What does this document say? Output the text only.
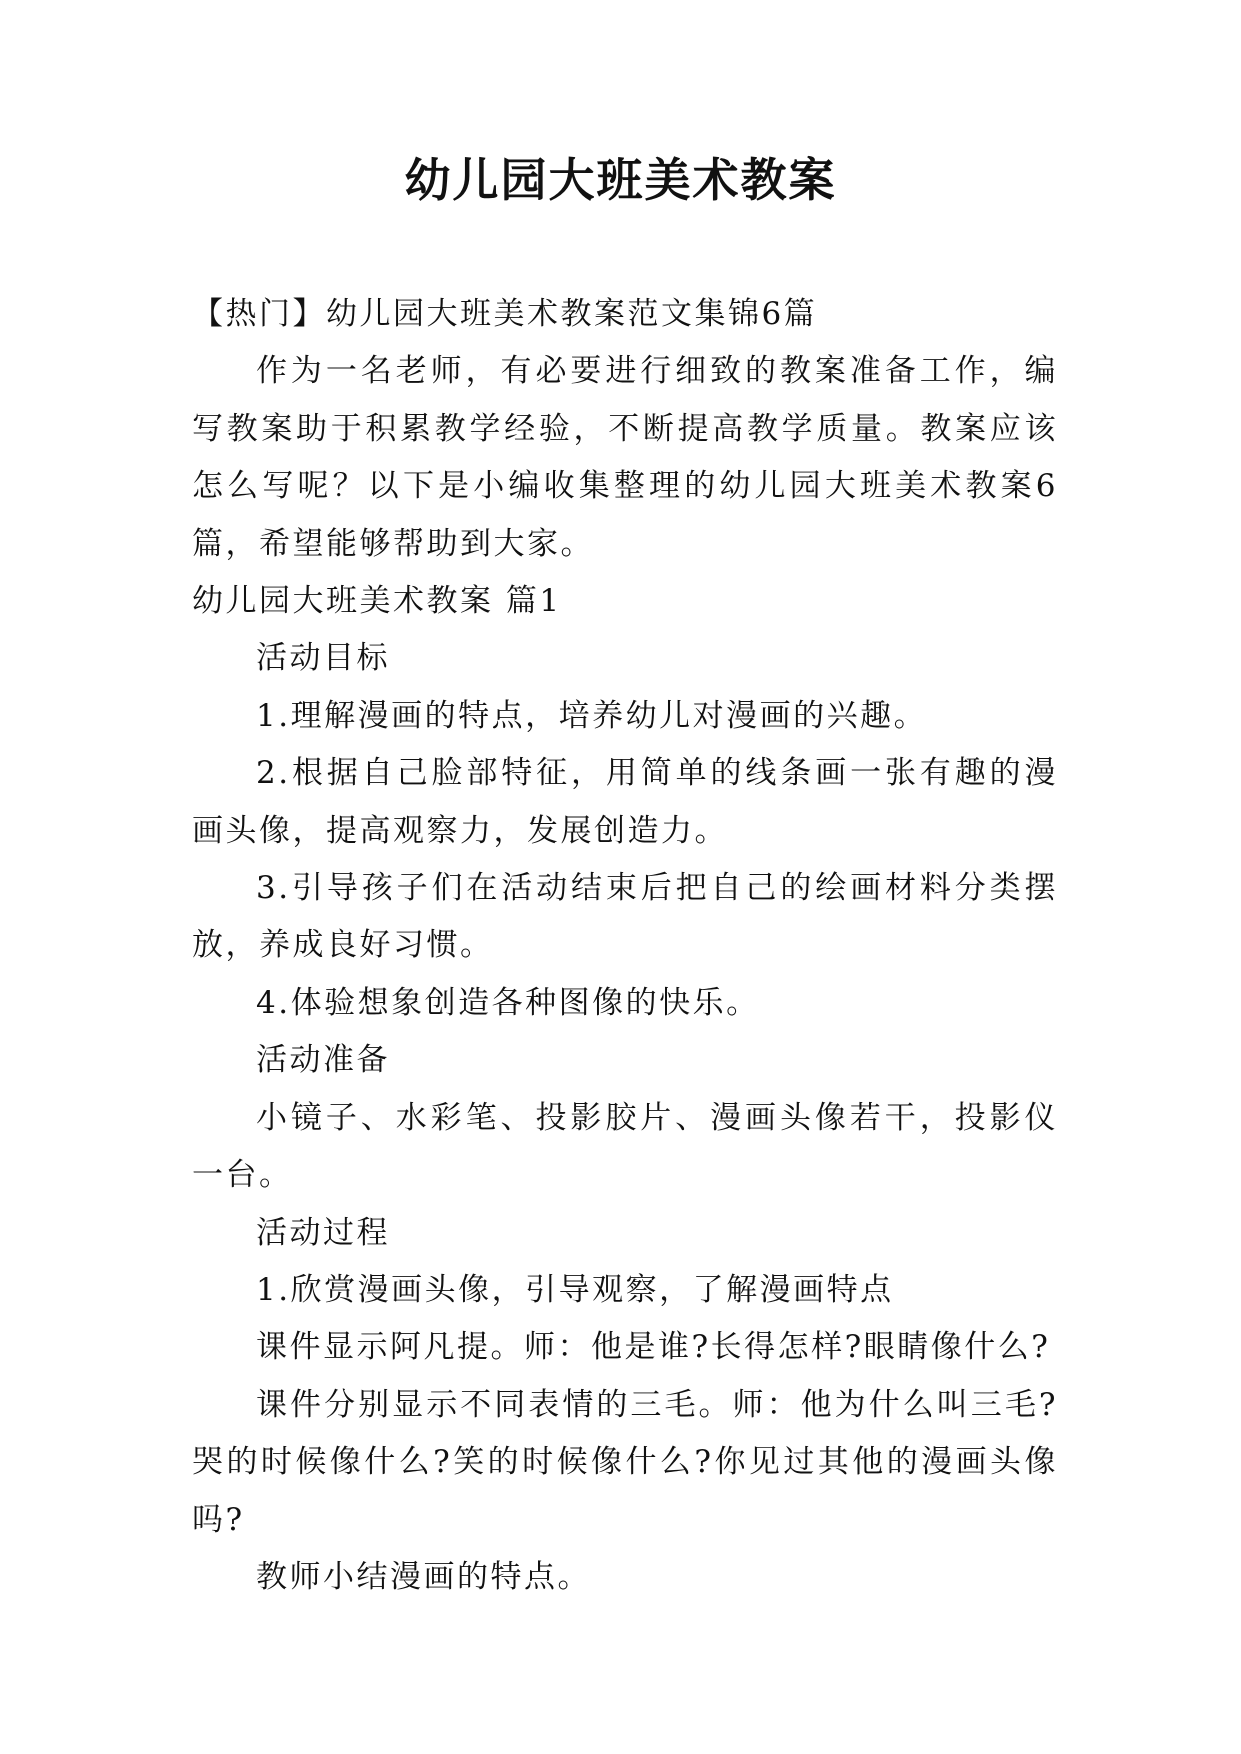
幼儿园大班美术教案

【热门】幼儿园大班美术教案范文集锦6篇

作为一名老师，有必要进行细致的教案准备工作，编写教案助于积累教学经验，不断提高教学质量。教案应该怎么写呢？以下是小编收集整理的幼儿园大班美术教案6篇，希望能够帮助到大家。

幼儿园大班美术教案 篇1

活动目标

1.理解漫画的特点，培养幼儿对漫画的兴趣。

2.根据自己脸部特征，用简单的线条画一张有趣的漫画头像，提高观察力，发展创造力。

3.引导孩子们在活动结束后把自己的绘画材料分类摆放，养成良好习惯。

4.体验想象创造各种图像的快乐。

活动准备

小镜子、水彩笔、投影胶片、漫画头像若干，投影仪一台。

活动过程

1.欣赏漫画头像，引导观察，了解漫画特点

课件显示阿凡提。师：他是谁?长得怎样?眼睛像什么?

课件分别显示不同表情的三毛。师：他为什么叫三毛?哭的时候像什么?笑的时候像什么?你见过其他的漫画头像吗?

教师小结漫画的特点。
